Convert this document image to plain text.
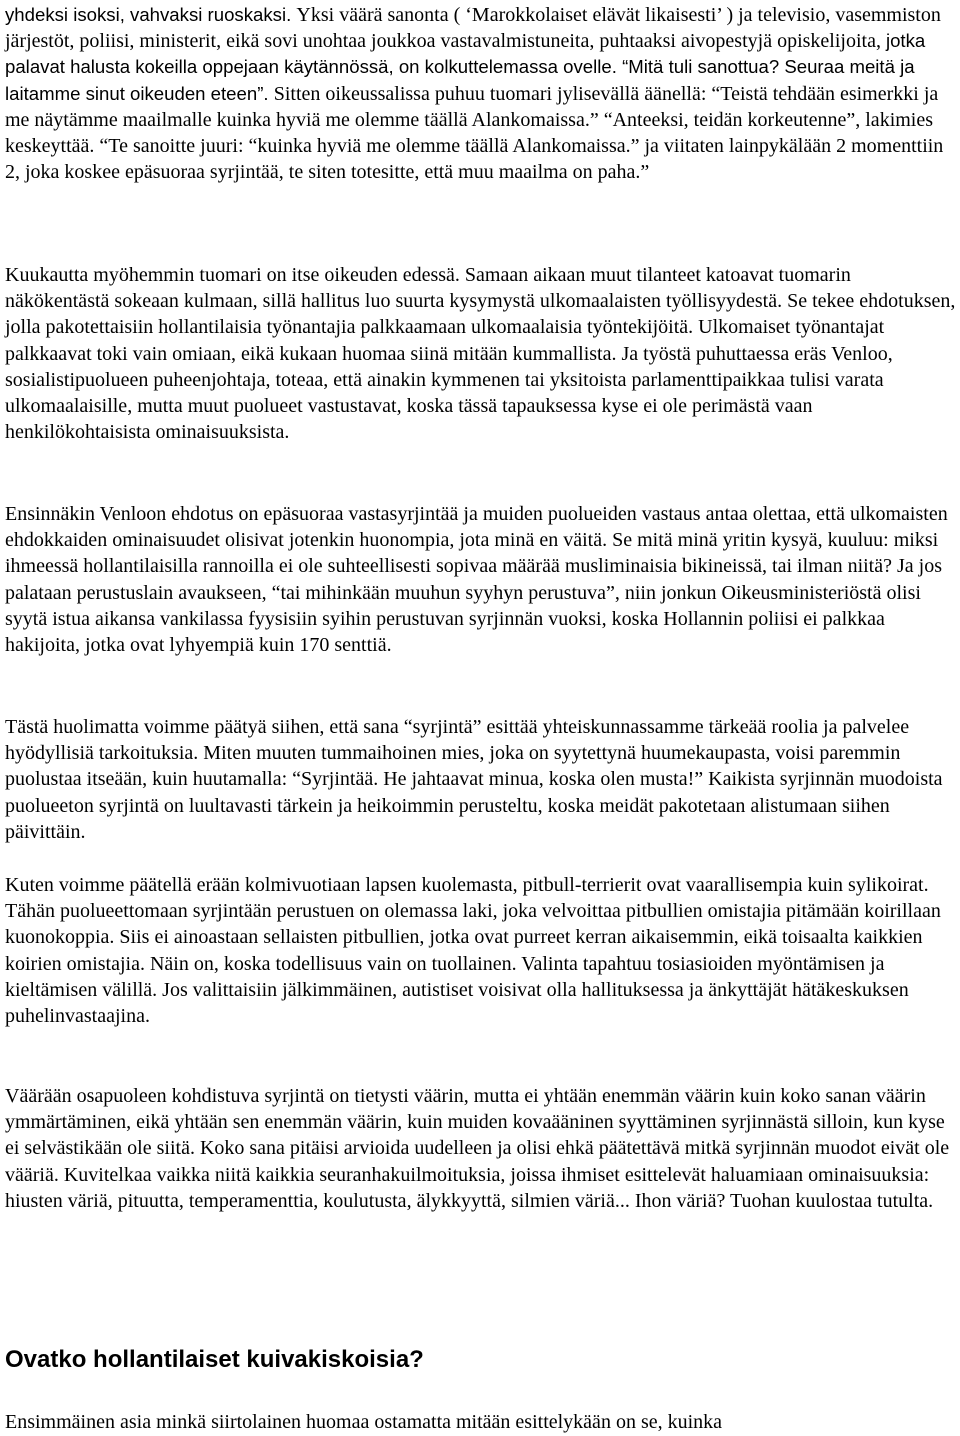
yhdeksi isoksi, vahvaksi ruoskaksi. Yksi väärä sanonta ( ‘Marokkolaiset elävät likaisesti’ ) ja televisio, vasemmiston järjestöt, poliisi, ministerit, eikä sovi unohtaa joukkoa vastavalmistuneita, puhtaaksi aivopestyjä opiskelijoita, jotka palavat halusta kokeilla oppejaan käytännössä, on kolkuttelemassa ovelle. “Mitä tuli sanottua? Seuraa meitä ja laitamme sinut oikeuden eteen”. Sitten oikeussalissa puhuu tuomari jylisevällä äänellä: “Teistä tehdään esimerkki ja me näytämme maailmalle kuinka hyviä me olemme täällä Alankomaissa.” “Anteeksi, teidän korkeutenne”, lakimies keskeyttää. “Te sanoitte juuri: “kuinka hyviä me olemme täällä Alankomaissa.” ja viitaten lainpykälään 2 momenttiin 2, joka koskee epäsuoraa syrjintää, te siten totesitte, että muu maailma on paha.”

Kuukautta myöhemmin tuomari on itse oikeuden edessä. Samaan aikaan muut tilanteet katoavat tuomarin näkökentästä sokeaan kulmaan, sillä hallitus luo suurta kysymystä ulkomaalaisten työllisyydestä. Se tekee ehdotuksen, jolla pakotettaisiin hollantilaisia työnantajia palkkaamaan ulkomaalaisia työntekijöitä. Ulkomaiset työnantajat palkkaavat toki vain omiaan, eikä kukaan huomaa siinä mitään kummallista. Ja työstä puhuttaessa eräs Venloo, sosialistipuolueen puheenjohtaja, toteaa, että ainakin kymmenen tai yksitoista parlamenttipaikkaa tulisi varata ulkomaalaisille, mutta muut puolueet vastustavat, koska tässä tapauksessa kyse ei ole perimästä vaan henkilökohtaisista ominaisuuksista.

Ensinnäkin Venloon ehdotus on epäsuoraa vastasyrjintää ja muiden puolueiden vastaus antaa olettaa, että ulkomaisten ehdokkaiden ominaisuudet olisivat jotenkin huonompia, jota minä en väitä. Se mitä minä yritin kysyä, kuuluu: miksi ihmeessä hollantilaisilla rannoilla ei ole suhteellisesti sopivaa määrää musliminaisia bikineissä, tai ilman niitä? Ja jos palataan perustuslain avaukseen, “tai mihinkään muuhun syyhyn perustuva”, niin jonkun Oikeusministeriöstä olisi syytä istua aikansa vankilassa fyysisiin syihin perustuvan syrjinnän vuoksi, koska Hollannin poliisi ei palkkaa hakijoita, jotka ovat lyhyempiä kuin 170 senttiä.

Tästä huolimatta voimme päätyä siihen, että sana “syrjintä” esittää yhteiskunnassamme tärkeää roolia ja palvelee hyödyllisiä tarkoituksia. Miten muuten tummaihoinen mies, joka on syytettynä huumekaupasta, voisi paremmin puolustaa itseään, kuin huutamalla: “Syrjintää. He jahtaavat minua, koska olen musta!” Kaikista syrjinnän muodoista puolueeton syrjintä on luultavasti tärkein ja heikoimmin perusteltu, koska meidät pakotetaan alistumaan siihen päivittäin.

Kuten voimme päätellä erään kolmivuotiaan lapsen kuolemasta, pitbull-terrierit ovat vaarallisempia kuin sylikoirat. Tähän puolueettomaan syrjintään perustuen on olemassa laki, joka velvoittaa pitbullien omistajia pitämään koirillaan kuonokoppia. Siis ei ainoastaan sellaisten pitbullien, jotka ovat purreet kerran aikaisemmin, eikä toisaalta kaikkien koirien omistajia. Näin on, koska todellisuus vain on tuollainen. Valinta tapahtuu tosiasioiden myöntämisen ja kieltämisen välillä. Jos valittaisiin jälkimmäinen, autistiset voisivat olla hallituksessa ja änkyttäjät hätäkeskuksen puhelinvastaajina.

Väärään osapuoleen kohdistuva syrjintä on tietysti väärin, mutta ei yhtään enemmän väärin kuin koko sanan väärin ymmärtäminen, eikä yhtään sen enemmän väärin, kuin muiden kovaääninen syyttäminen syrjinnästä silloin, kun kyse ei selvästikään ole siitä. Koko sana pitäisi arvioida uudelleen ja olisi ehkä päätettävä mitkä syrjinnän muodot eivät ole vääriä. Kuvitelkaa vaikka niitä kaikkia seuranhakuilmoituksia, joissa ihmiset esittelevät haluamiaan ominaisuuksia: hiusten väriä, pituutta, temperamenttia, koulutusta, älykkyyttä, silmien väriä... Ihon väriä? Tuohan kuulostaa tutulta.

Ovatko hollantilaiset kuivakiskoisia?

Ensimmäinen asia minkä siirtolainen huomaa ostamatta mitään esittelykään on se, kuinka
